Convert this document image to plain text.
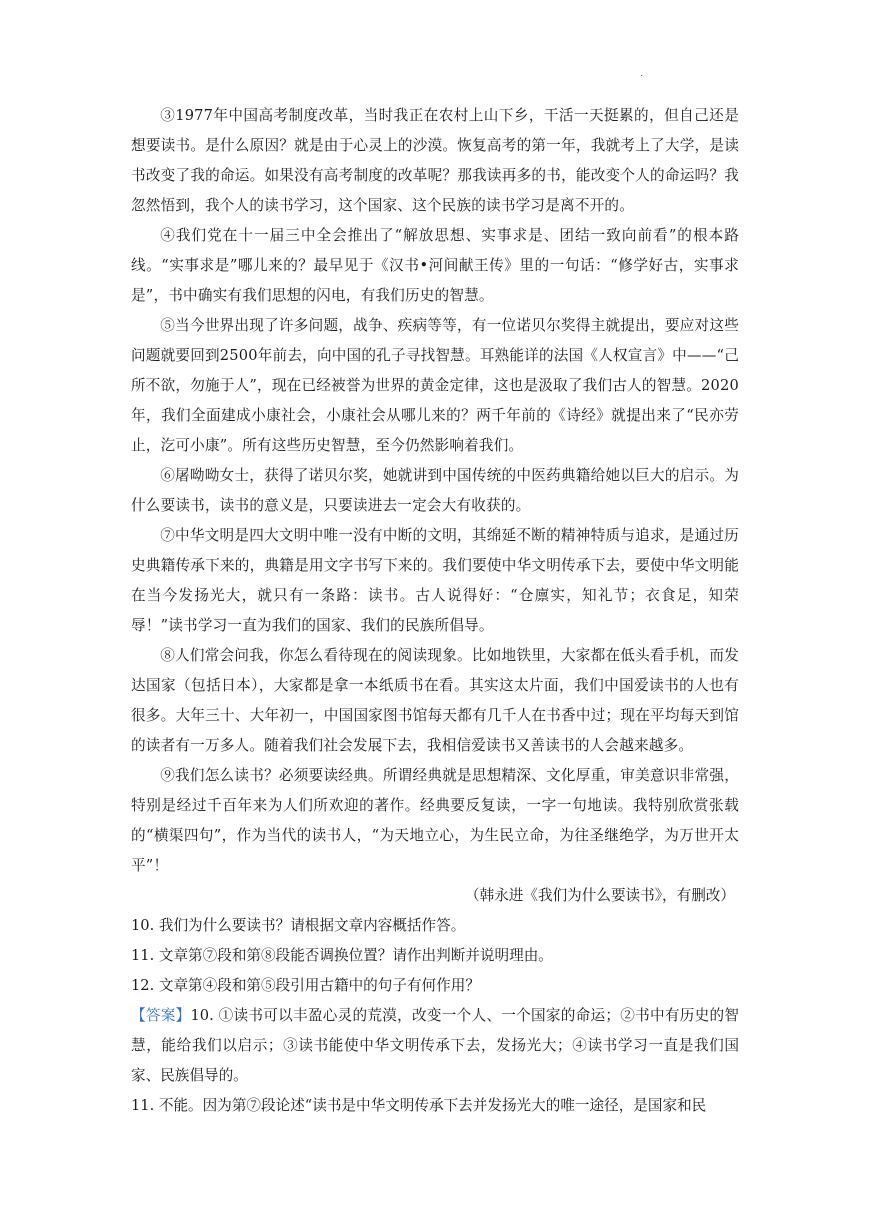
·

③1977年中国高考制度改革，当时我正在农村上山下乡，干活一天挺累的，但自己还是想要读书。是什么原因？就是由于心灵上的沙漠。恢复高考的第一年，我就考上了大学，是读书改变了我的命运。如果没有高考制度的改革呢？那我读再多的书，能改变个人的命运吗？我忽然悟到，我个人的读书学习，这个国家、这个民族的读书学习是离不开的。

④我们党在十一届三中全会推出了“解放思想、实事求是、团结一致向前看”的根本路线。“实事求是”哪儿来的？最早见于《汉书•河间献王传》里的一句话：“修学好古，实事求是”，书中确实有我们思想的闪电，有我们历史的智慧。

⑤当今世界出现了许多问题，战争、疾病等等，有一位诺贝尔奖得主就提出，要应对这些问题就要回到2500年前去，向中国的孔子寻找智慧。耳熟能详的法国《人权宣言》中——“己所不欲，勿施于人”，现在已经被誉为世界的黄金定律，这也是汲取了我们古人的智慧。2020年，我们全面建成小康社会，小康社会从哪儿来的？两千年前的《诗经》就提出来了“民亦劳止，汔可小康”。所有这些历史智慧，至今仍然影响着我们。

⑥屠呦呦女士，获得了诺贝尔奖，她就讲到中国传统的中医药典籍给她以巨大的启示。为什么要读书，读书的意义是，只要读进去一定会大有收获的。

⑦中华文明是四大文明中唯一没有中断的文明，其绵延不断的精神特质与追求，是通过历史典籍传承下来的，典籍是用文字书写下来的。我们要使中华文明传承下去，要使中华文明能在当今发扬光大，就只有一条路：读书。古人说得好：“仓廪实，知礼节；衣食足，知荣辱！”读书学习一直为我们的国家、我们的民族所倡导。

⑧人们常会问我，你怎么看待现在的阅读现象。比如地铁里，大家都在低头看手机，而发达国家（包括日本），大家都是拿一本纸质书在看。其实这太片面，我们中国爱读书的人也有很多。大年三十、大年初一，中国国家图书馆每天都有几千人在书香中过；现在平均每天到馆的读者有一万多人。随着我们社会发展下去，我相信爱读书又善读书的人会越来越多。

⑨我们怎么读书？必须要读经典。所谓经典就是思想精深、文化厚重，审美意识非常强，特别是经过千百年来为人们所欢迎的著作。经典要反复读，一字一句地读。我特别欣赏张载的“横渠四句”，作为当代的读书人，“为天地立心，为生民立命，为往圣继绝学，为万世开太平”！

（韩永进《我们为什么要读书》，有删改）

10. 我们为什么要读书？请根据文章内容概括作答。

11. 文章第⑦段和第⑧段能否调换位置？请作出判断并说明理由。

12. 文章第④段和第⑤段引用古籍中的句子有何作用？

【答案】10. ①读书可以丰盈心灵的荒漠，改变一个人、一个国家的命运；②书中有历史的智慧，能给我们以启示；③读书能使中华文明传承下去，发扬光大；④读书学习一直是我们国家、民族倡导的。

11. 不能。因为第⑦段论述“读书是中华文明传承下去并发扬光大的唯一途径，是国家和民
